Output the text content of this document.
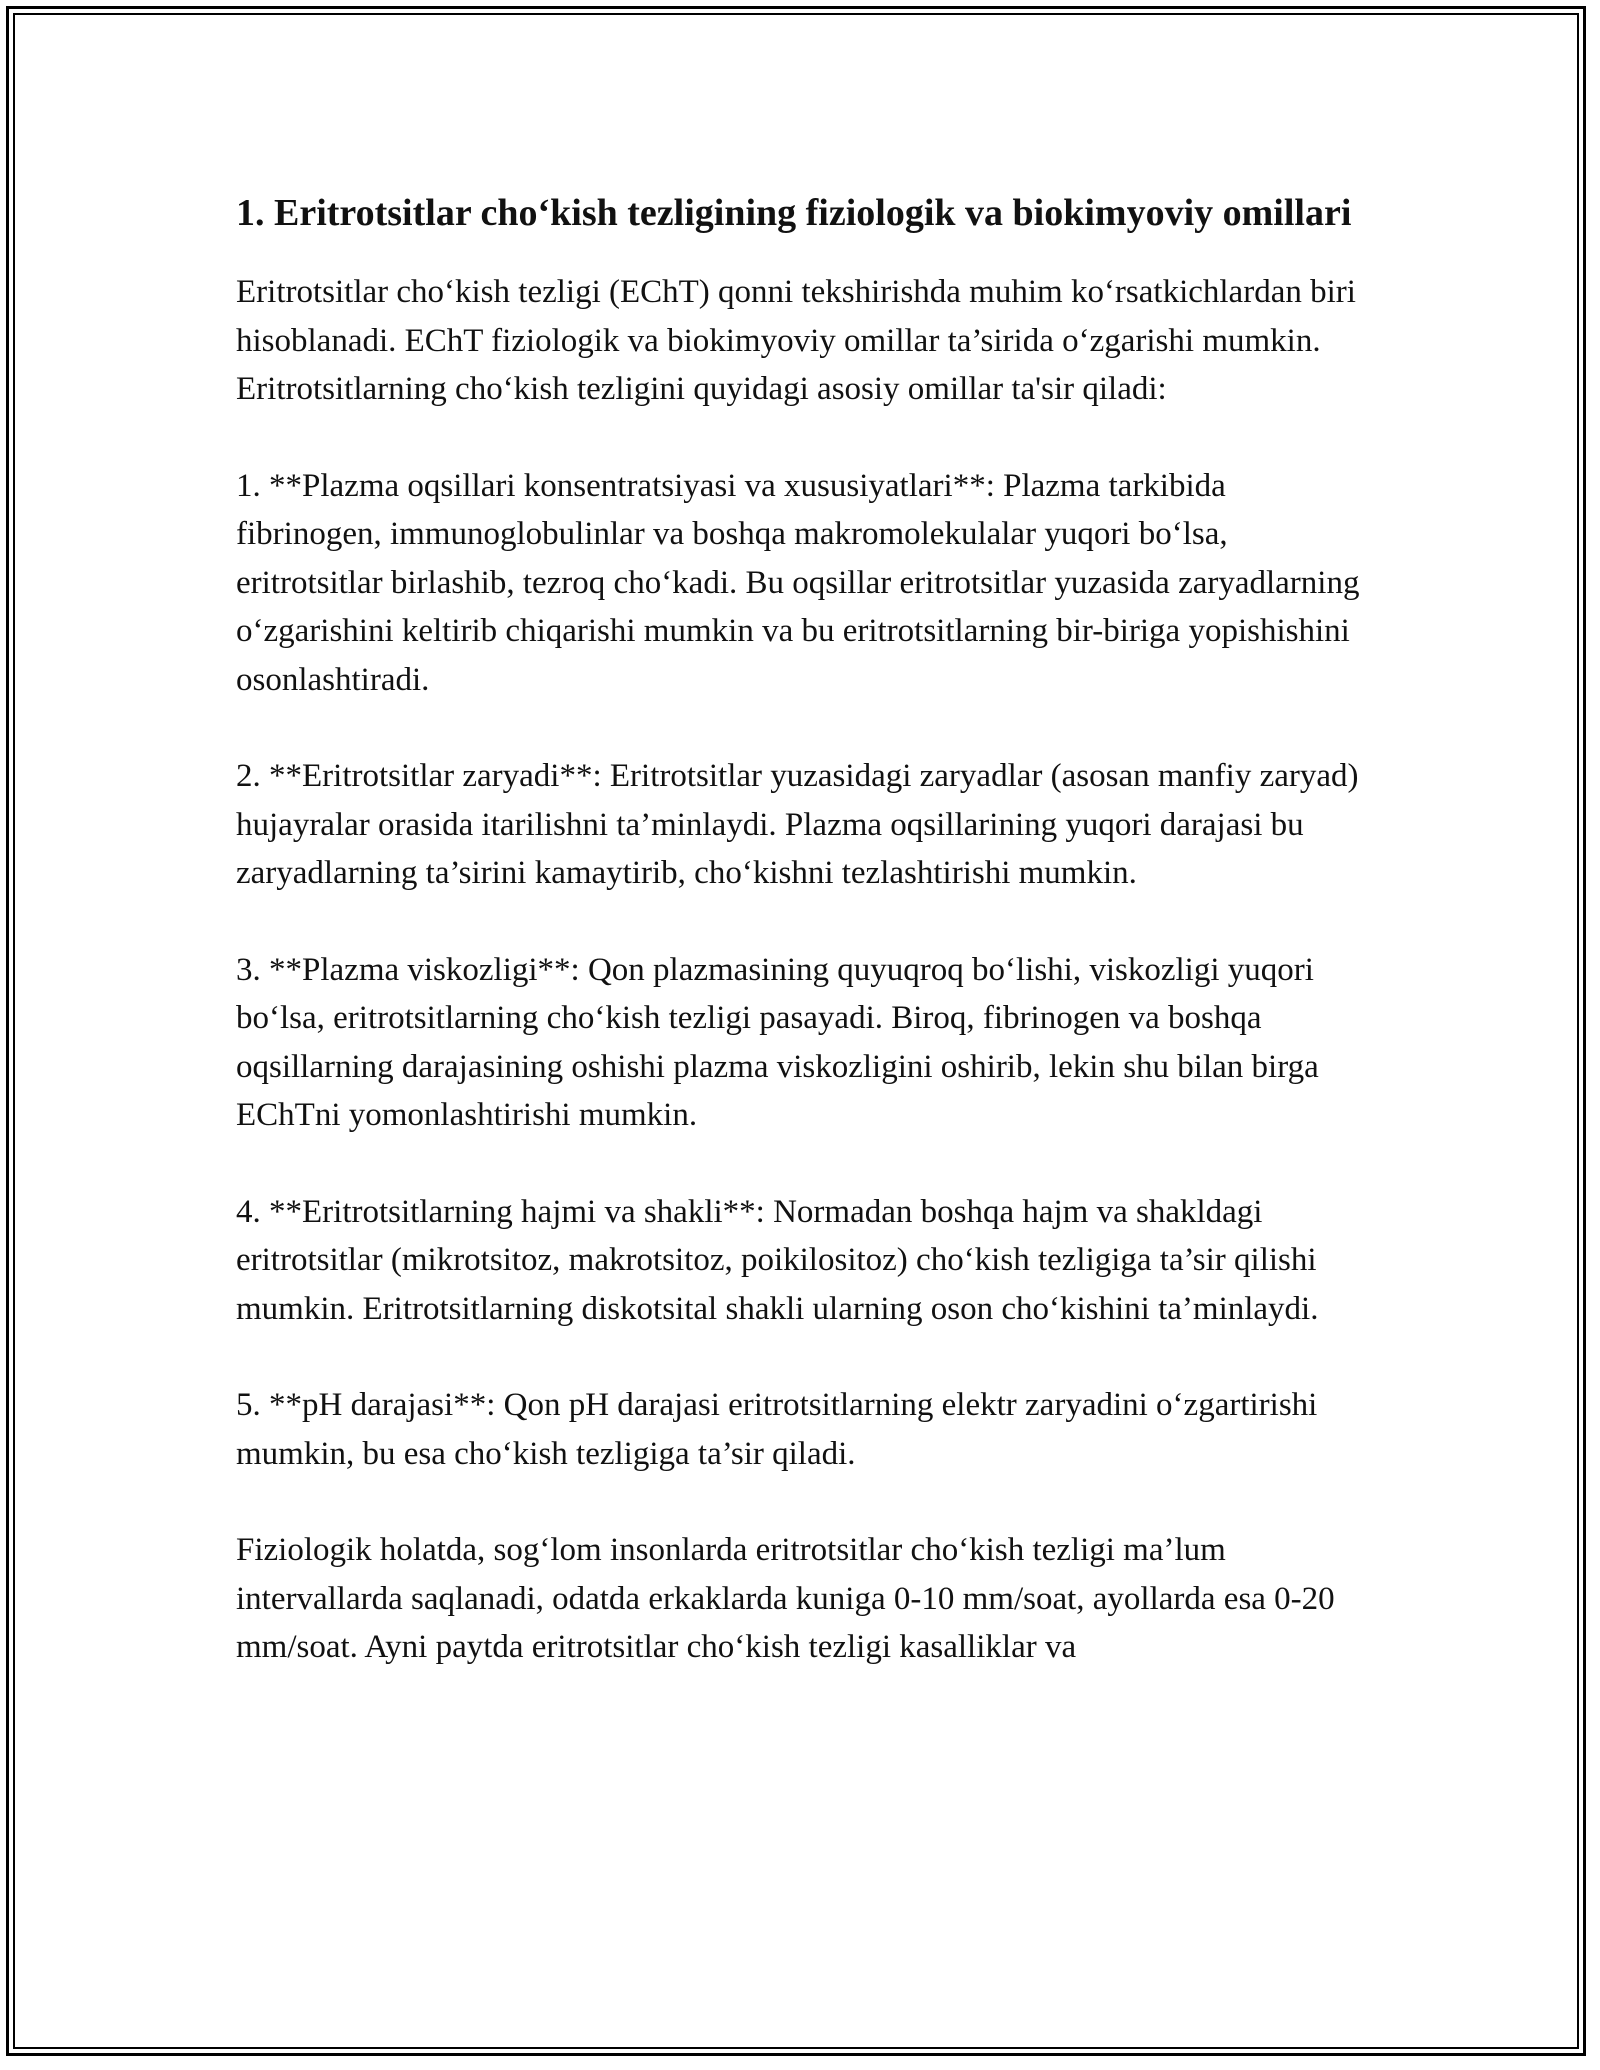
1. Eritrotsitlar cho‘kish tezligining fiziologik va biokimyoviy omillari

Eritrotsitlar cho‘kish tezligi (EChT) qonni tekshirishda muhim ko‘rsatkichlardan biri hisoblanadi. EChT fiziologik va biokimyoviy omillar ta’sirida o‘zgarishi mumkin. Eritrotsitlarning cho‘kish tezligini quyidagi asosiy omillar ta'sir qiladi:

1. **Plazma oqsillari konsentratsiyasi va xususiyatlari**: Plazma tarkibida fibrinogen, immunoglobulinlar va boshqa makromolekulalar yuqori bo‘lsa, eritrotsitlar birlashib, tezroq cho‘kadi. Bu oqsillar eritrotsitlar yuzasida zaryadlarning o‘zgarishini keltirib chiqarishi mumkin va bu eritrotsitlarning bir-biriga yopishishini osonlashtiradi.

2. **Eritrotsitlar zaryadi**: Eritrotsitlar yuzasidagi zaryadlar (asosan manfiy zaryad) hujayralar orasida itarilishni ta’minlaydi. Plazma oqsillarining yuqori darajasi bu zaryadlarning ta’sirini kamaytirib, cho‘kishni tezlashtirishi mumkin.

3. **Plazma viskozligi**: Qon plazmasining quyuqroq bo‘lishi, viskozligi yuqori bo‘lsa, eritrotsitlarning cho‘kish tezligi pasayadi. Biroq, fibrinogen va boshqa oqsillarning darajasining oshishi plazma viskozligini oshirib, lekin shu bilan birga EChTni yomonlashtirishi mumkin.

4. **Eritrotsitlarning hajmi va shakli**: Normadan boshqa hajm va shakldagi eritrotsitlar (mikrotsitoz, makrotsitoz, poikilositoz) cho‘kish tezligiga ta’sir qilishi mumkin. Eritrotsitlarning diskotsital shakli ularning oson cho‘kishini ta’minlaydi.

5. **pH darajasi**: Qon pH darajasi eritrotsitlarning elektr zaryadini o‘zgartirishi mumkin, bu esa cho‘kish tezligiga ta’sir qiladi.

Fiziologik holatda, sog‘lom insonlarda eritrotsitlar cho‘kish tezligi ma’lum intervallarda saqlanadi, odatda erkaklarda kuniga 0-10 mm/soat, ayollarda esa 0-20 mm/soat. Ayni paytda eritrotsitlar cho‘kish tezligi kasalliklar va
